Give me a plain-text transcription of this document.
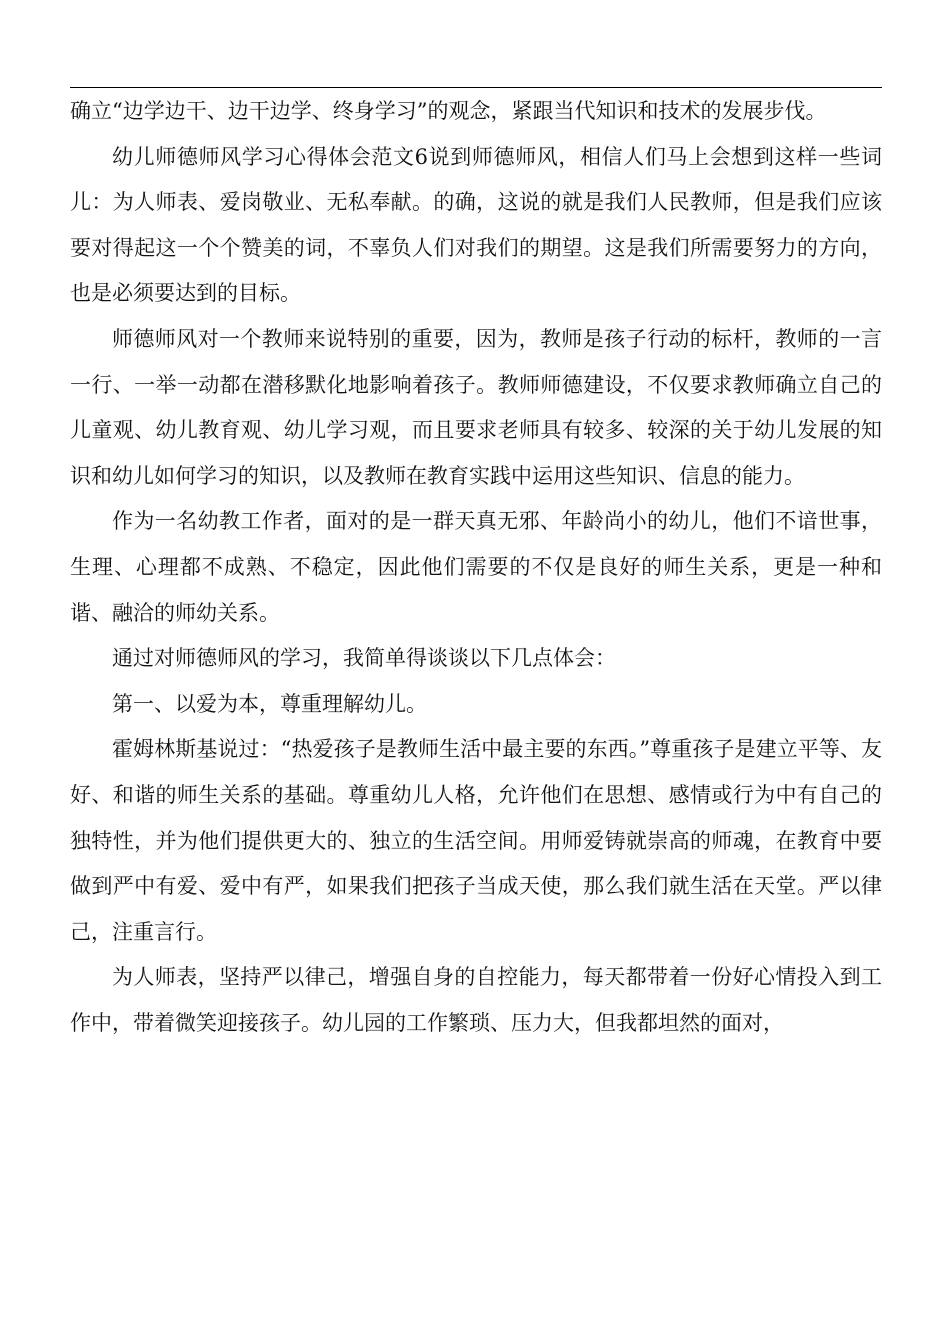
确立“边学边干、边干边学、终身学习”的观念，紧跟当代知识和技术的发展步伐。

幼儿师德师风学习心得体会范文6说到师德师风，相信人们马上会想到这样一些词儿：为人师表、爱岗敬业、无私奉献。的确，这说的就是我们人民教师，但是我们应该要对得起这一个个赞美的词，不辜负人们对我们的期望。这是我们所需要努力的方向，也是必须要达到的目标。

师德师风对一个教师来说特别的重要，因为，教师是孩子行动的标杆，教师的一言一行、一举一动都在潜移默化地影响着孩子。教师师德建设，不仅要求教师确立自己的儿童观、幼儿教育观、幼儿学习观，而且要求老师具有较多、较深的关于幼儿发展的知识和幼儿如何学习的知识，以及教师在教育实践中运用这些知识、信息的能力。

作为一名幼教工作者，面对的是一群天真无邪、年龄尚小的幼儿，他们不谙世事，生理、心理都不成熟、不稳定，因此他们需要的不仅是良好的师生关系，更是一种和谐、融洽的师幼关系。

通过对师德师风的学习，我简单得谈谈以下几点体会：

第一、以爱为本，尊重理解幼儿。

霍姆林斯基说过：“热爱孩子是教师生活中最主要的东西。”尊重孩子是建立平等、友好、和谐的师生关系的基础。尊重幼儿人格，允许他们在思想、感情或行为中有自己的独特性，并为他们提供更大的、独立的生活空间。用师爱铸就崇高的师魂，在教育中要做到严中有爱、爱中有严，如果我们把孩子当成天使，那么我们就生活在天堂。严以律己，注重言行。

为人师表，坚持严以律己，增强自身的自控能力，每天都带着一份好心情投入到工作中，带着微笑迎接孩子。幼儿园的工作繁琐、压力大，但我都坦然的面对，
